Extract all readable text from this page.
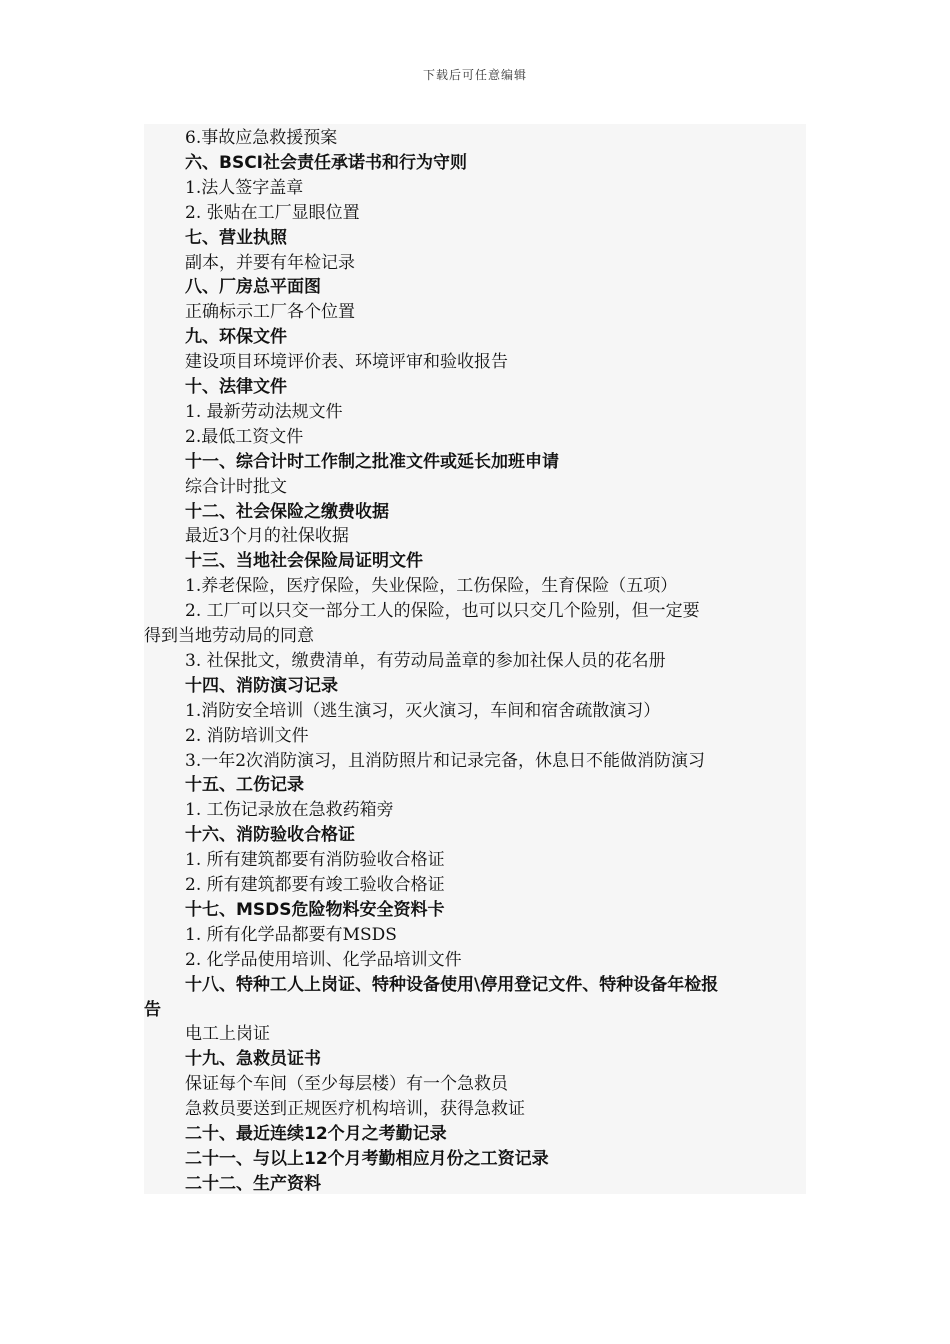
下载后可任意编辑
6.事故应急救援预案
六、BSCI社会责任承诺书和行为守则
1.法人签字盖章
2. 张贴在工厂显眼位置
七、营业执照
副本，并要有年检记录
八、厂房总平面图
正确标示工厂各个位置
九、环保文件
建设项目环境评价表、环境评审和验收报告
十、法律文件
1. 最新劳动法规文件
2.最低工资文件
十一、综合计时工作制之批准文件或延长加班申请
综合计时批文
十二、社会保险之缴费收据
最近3个月的社保收据
十三、当地社会保险局证明文件
1.养老保险，医疗保险，失业保险，工伤保险，生育保险（五项）
2. 工厂可以只交一部分工人的保险，也可以只交几个险别，但一定要
得到当地劳动局的同意
3. 社保批文，缴费清单，有劳动局盖章的参加社保人员的花名册
十四、消防演习记录
1.消防安全培训（逃生演习，灭火演习，车间和宿舍疏散演习）
2. 消防培训文件
3.一年2次消防演习，且消防照片和记录完备，休息日不能做消防演习
十五、工伤记录
1. 工伤记录放在急救药箱旁
十六、消防验收合格证
1. 所有建筑都要有消防验收合格证
2. 所有建筑都要有竣工验收合格证
十七、MSDS危险物料安全资料卡
1. 所有化学品都要有MSDS
2. 化学品使用培训、化学品培训文件
十八、特种工人上岗证、特种设备使用\停用登记文件、特种设备年检报
告
电工上岗证
十九、急救员证书
保证每个车间（至少每层楼）有一个急救员
急救员要送到正规医疗机构培训，获得急救证
二十、最近连续12个月之考勤记录
二十一、与以上12个月考勤相应月份之工资记录
二十二、生产资料
